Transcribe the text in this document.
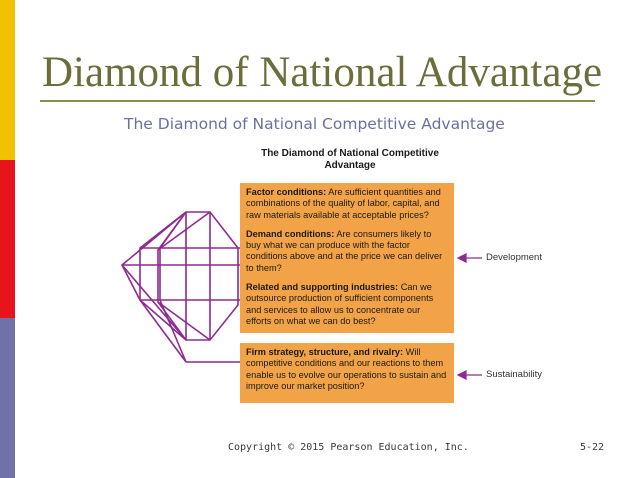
Diamond of National Advantage
The Diamond of National Competitive Advantage
The Diamond of National Competitive
Advantage

Factor conditions: Are sufficient quantities and combinations of the quality of labor, capital, and raw materials available at acceptable prices?

Demand conditions: Are consumers likely to buy what we can produce with the factor conditions above and at the price we can deliver to them?

Related and supporting industries: Can we outsource production of sufficient components and services to allow us to concentrate our efforts on what we can do best?

Firm strategy, structure, and rivalry: Will competitive conditions and our reactions to them enable us to evolve our operations to sustain and improve our market position?

Development
Sustainability
Copyright © 2015 Pearson Education, Inc.	5-22
